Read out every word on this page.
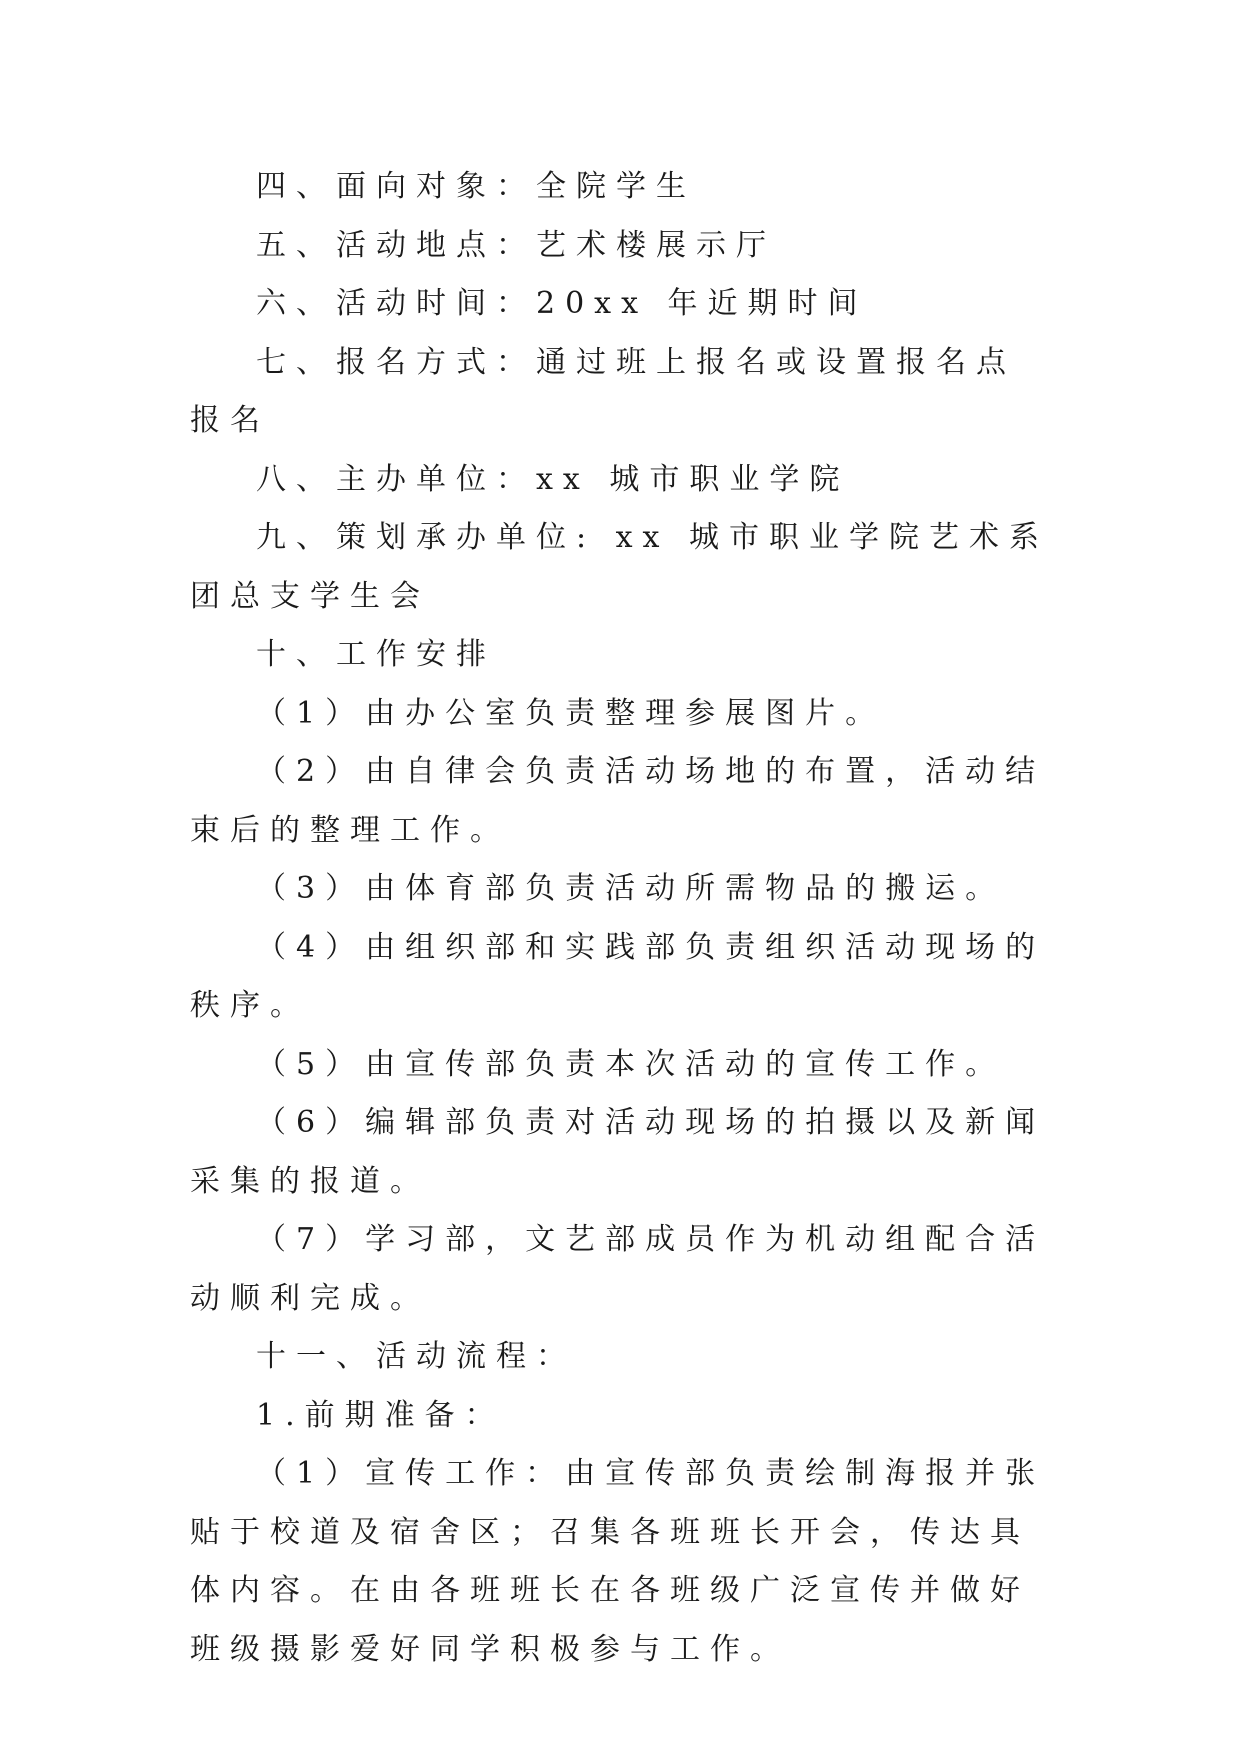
四、面向对象：全院学生

五、活动地点：艺术楼展示厅

六、活动时间：20xx 年近期时间

七、报名方式：通过班上报名或设置报名点报名

八、主办单位：xx 城市职业学院

九、策划承办单位: xx 城市职业学院艺术系团总支学生会

十、工作安排

（1）由办公室负责整理参展图片。

（2）由自律会负责活动场地的布置，活动结束后的整理工作。

（3）由体育部负责活动所需物品的搬运。

（4）由组织部和实践部负责组织活动现场的秩序。

（5）由宣传部负责本次活动的宣传工作。

（6）编辑部负责对活动现场的拍摄以及新闻采集的报道。

（7）学习部，文艺部成员作为机动组配合活动顺利完成。

十一、活动流程：

1.前期准备：

（1）宣传工作：由宣传部负责绘制海报并张贴于校道及宿舍区；召集各班班长开会，传达具体内容。在由各班班长在各班级广泛宣传并做好班级摄影爱好同学积极参与工作。
